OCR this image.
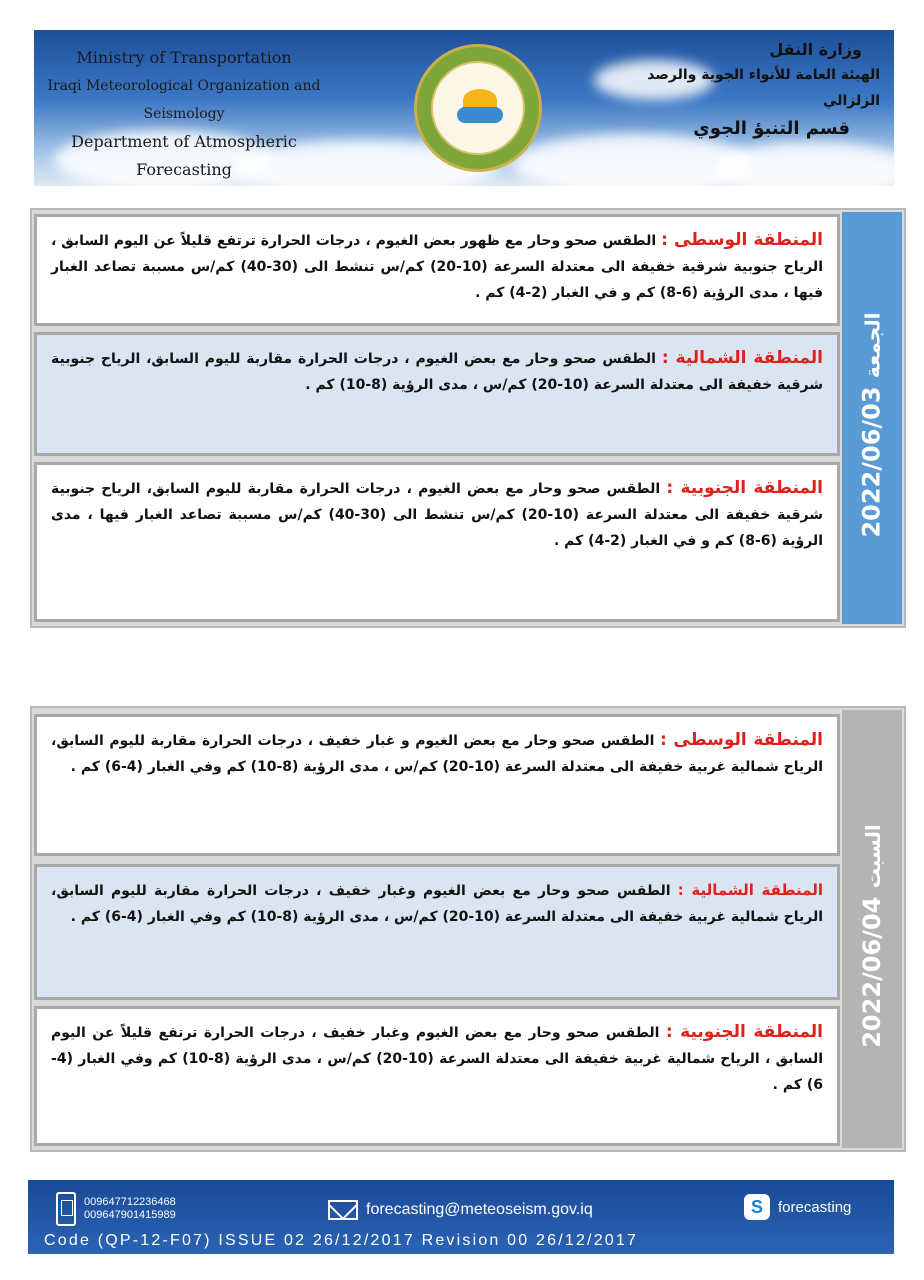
Ministry of Transportation
Iraqi Meteorological Organization and Seismology
Department of Atmospheric Forecasting
وزارة النقل
الهيئة العامة للأنواء الجوية والرصد الزلزالي
قسم التنبؤ الجوي

المنطقة الوسطى : الطقس صحو وحار مع ظهور بعض الغيوم ، درجات الحرارة ترتفع قليلاً عن اليوم السابق ، الرياح جنوبية شرقية خفيفة الى معتدلة السرعة (10-20) كم/س تنشط الى (30-40) كم/س مسببة تصاعد الغبار فيها ، مدى الرؤية (6-8) كم و في الغبار (2-4) كم .

المنطقة الشمالية : الطقس صحو وحار مع بعض الغيوم ، درجات الحرارة مقاربة لليوم السابق، الرياح جنوبية شرقية خفيفة الى معتدلة السرعة (10-20) كم/س ، مدى الرؤية (8-10) كم .

المنطقة الجنوبية : الطقس صحو وحار مع بعض الغيوم ، درجات الحرارة مقاربة لليوم السابق، الرياح جنوبية شرقية خفيفة الى معتدلة السرعة (10-20) كم/س تنشط الى (30-40) كم/س مسببة تصاعد الغبار فيها ، مدى الرؤية (6-8) كم و في الغبار (2-4) كم .

2022/06/03 الجمعة

المنطقة الوسطى : الطقس صحو وحار مع بعض الغيوم و غبار خفيف ، درجات الحرارة مقاربة لليوم السابق، الرياح شمالية غربية خفيفة الى معتدلة السرعة (10-20) كم/س ، مدى الرؤية (8-10) كم وفي الغبار (4-6) كم .

المنطقة الشمالية : الطقس صحو وحار مع بعض الغيوم وغبار خفيف ، درجات الحرارة مقاربة لليوم السابق، الرياح شمالية غربية خفيفة الى معتدلة السرعة (10-20) كم/س ، مدى الرؤية (8-10) كم وفي الغبار (4-6) كم .

المنطقة الجنوبية : الطقس صحو وحار مع بعض الغيوم وغبار خفيف ، درجات الحرارة ترتفع قليلاً عن اليوم السابق ، الرياح شمالية غربية خفيفة الى معتدلة السرعة (10-20) كم/س ، مدى الرؤية (8-10) كم وفي الغبار (4-6) كم .

2022/06/04 السبت
009647712236468
009647901415989	forecasting@meteoseism.gov.iq	S	forecasting
Code (QP-12-F07) ISSUE 02 26/12/2017 Revision 00 26/12/2017
